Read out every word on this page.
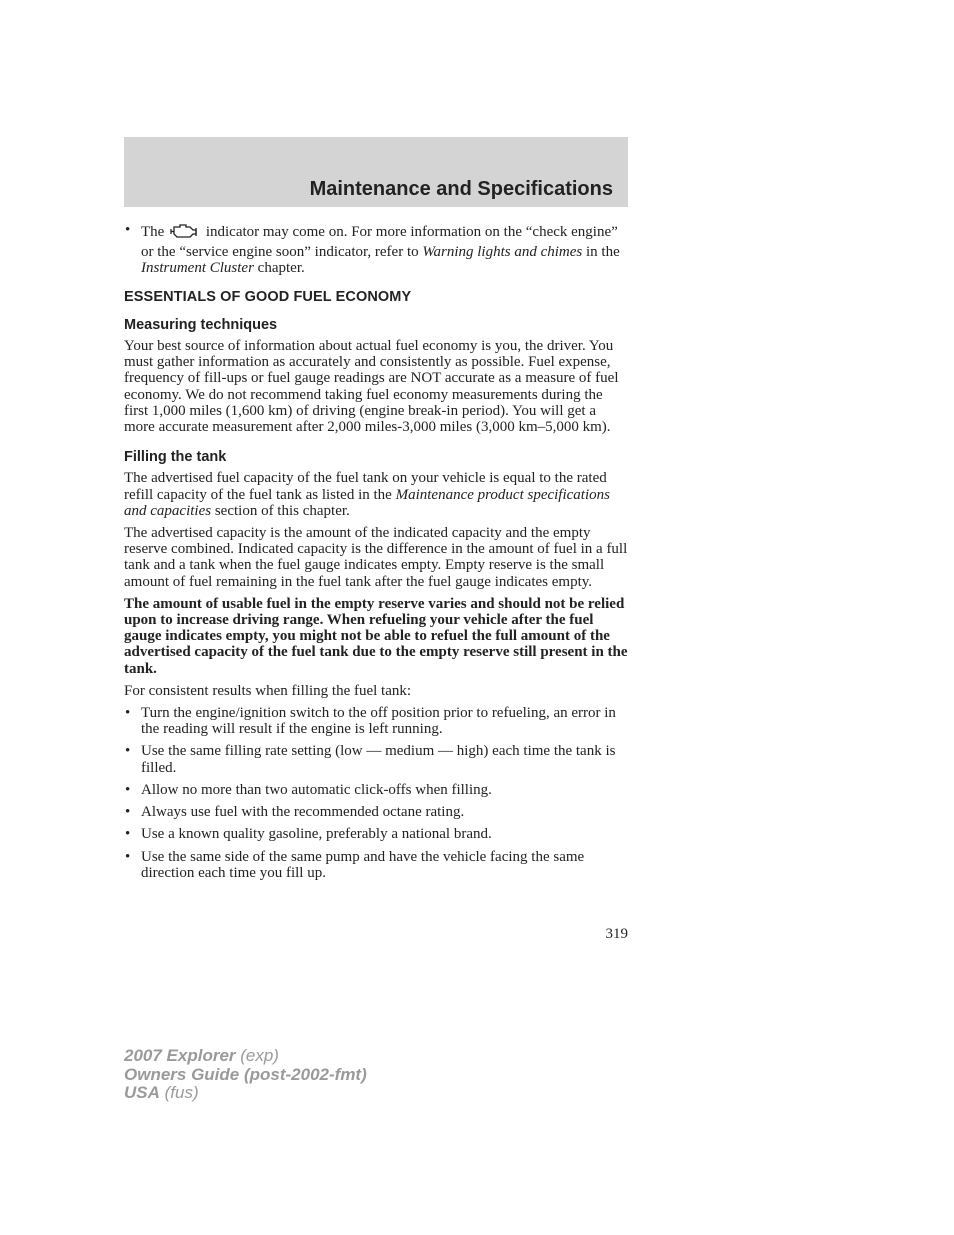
Maintenance and Specifications
• The	indicator may come on. For more information on the “check engine” or the “service engine soon” indicator, refer to Warning lights and chimes in the Instrument Cluster chapter.
ESSENTIALS OF GOOD FUEL ECONOMY
Measuring techniques

Your best source of information about actual fuel economy is you, the driver. You must gather information as accurately and consistently as possible. Fuel expense, frequency of fill-ups or fuel gauge readings are NOT accurate as a measure of fuel economy. We do not recommend taking fuel economy measurements during the first 1,000 miles (1,600 km) of driving (engine break-in period). You will get a more accurate measurement after 2,000 miles-3,000 miles (3,000 km–5,000 km).

Filling the tank

The advertised fuel capacity of the fuel tank on your vehicle is equal to the rated refill capacity of the fuel tank as listed in the Maintenance product specifications and capacities section of this chapter.

The advertised capacity is the amount of the indicated capacity and the empty reserve combined. Indicated capacity is the difference in the amount of fuel in a full tank and a tank when the fuel gauge indicates empty. Empty reserve is the small amount of fuel remaining in the fuel tank after the fuel gauge indicates empty.

The amount of usable fuel in the empty reserve varies and should not be relied upon to increase driving range. When refueling your vehicle after the fuel gauge indicates empty, you might not be able to refuel the full amount of the advertised capacity of the fuel tank due to the empty reserve still present in the tank.

For consistent results when filling the fuel tank:

• Turn the engine/ignition switch to the off position prior to refueling, an error in the reading will result if the engine is left running.
• Use the same filling rate setting (low — medium — high) each time the tank is filled.
• Allow no more than two automatic click-offs when filling.
• Always use fuel with the recommended octane rating.
• Use a known quality gasoline, preferably a national brand.
• Use the same side of the same pump and have the vehicle facing the same direction each time you fill up.
319
2007 Explorer (exp)
Owners Guide (post-2002-fmt)
USA (fus)
